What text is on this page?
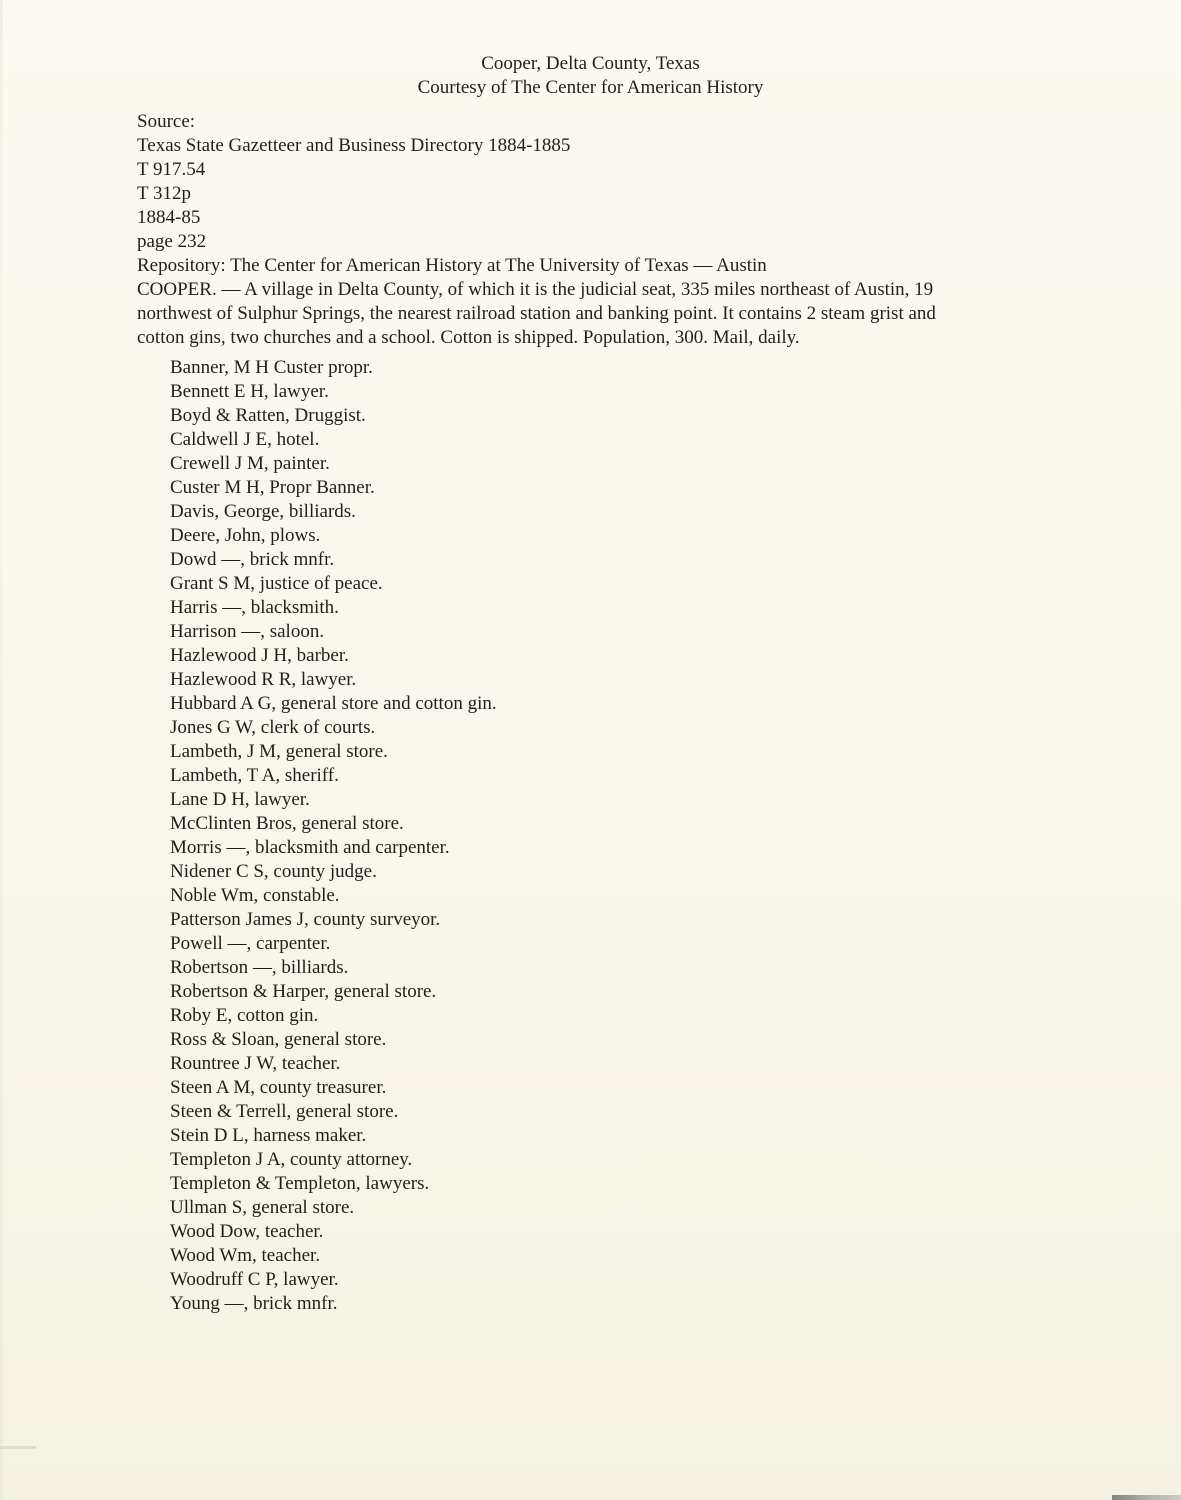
Cooper, Delta County, Texas
Courtesy of The Center for American History
Source:
Texas State Gazetteer and Business Directory 1884-1885
T 917.54
T 312p
1884-85
page 232
Repository: The Center for American History at The University of Texas — Austin
COOPER. — A village in Delta County, of which it is the judicial seat, 335 miles northeast of Austin, 19
northwest of Sulphur Springs, the nearest railroad station and banking point. It contains 2 steam grist and
cotton gins, two churches and a school. Cotton is shipped. Population, 300. Mail, daily.
Banner, M H Custer propr.
Bennett E H, lawyer.
Boyd & Ratten, Druggist.
Caldwell J E, hotel.
Crewell J M, painter.
Custer M H, Propr Banner.
Davis, George, billiards.
Deere, John, plows.
Dowd —, brick mnfr.
Grant S M, justice of peace.
Harris —, blacksmith.
Harrison —, saloon.
Hazlewood J H, barber.
Hazlewood R R, lawyer.
Hubbard A G, general store and cotton gin.
Jones G W, clerk of courts.
Lambeth, J M, general store.
Lambeth, T A, sheriff.
Lane D H, lawyer.
McClinten Bros, general store.
Morris —, blacksmith and carpenter.
Nidener C S, county judge.
Noble Wm, constable.
Patterson James J, county surveyor.
Powell —, carpenter.
Robertson —, billiards.
Robertson & Harper, general store.
Roby E, cotton gin.
Ross & Sloan, general store.
Rountree J W, teacher.
Steen A M, county treasurer.
Steen & Terrell, general store.
Stein D L, harness maker.
Templeton J A, county attorney.
Templeton & Templeton, lawyers.
Ullman S, general store.
Wood Dow, teacher.
Wood Wm, teacher.
Woodruff C P, lawyer.
Young —, brick mnfr.
